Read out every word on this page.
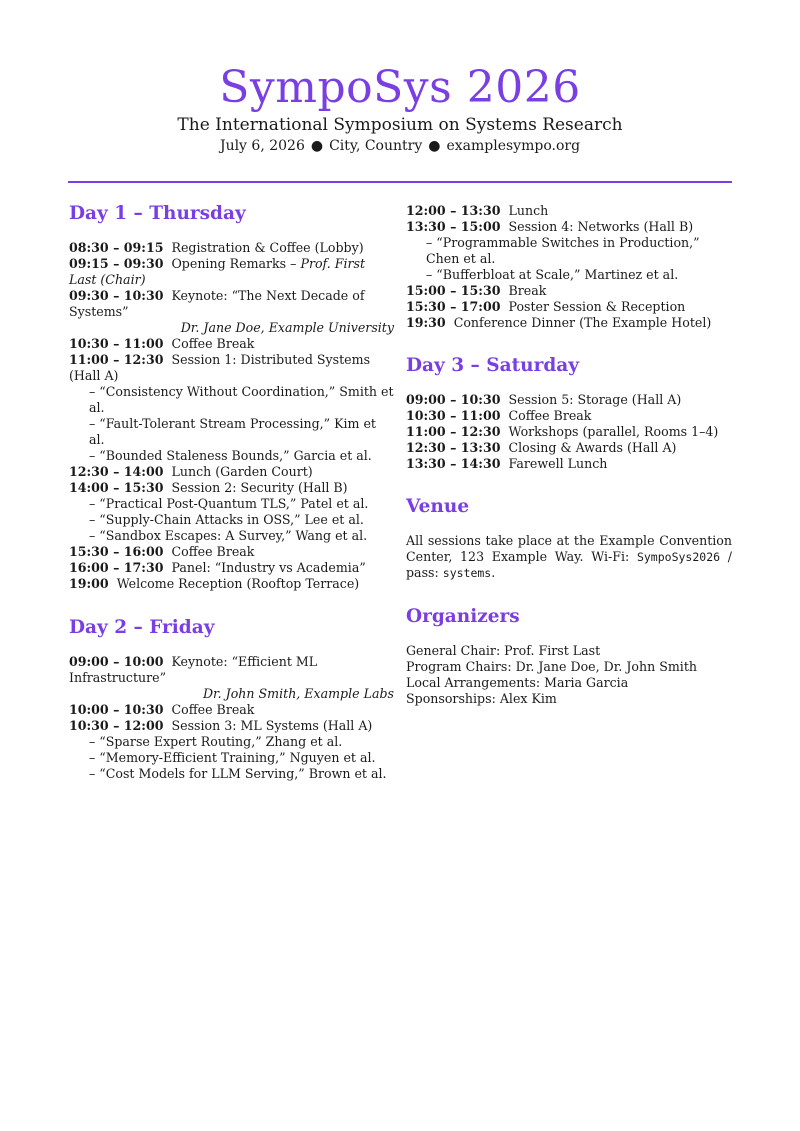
SympoSys 2026
The International Symposium on Systems Research
July 6, 2026 ● City, Country ● examplesympo.org
Day 1 – Thursday
08:30 – 09:15 Registration & Coffee (Lobby)
09:15 – 09:30 Opening Remarks – Prof. First Last (Chair)
09:30 – 10:30 Keynote: “The Next Decade of Systems”
Dr. Jane Doe, Example University
10:30 – 11:00 Coffee Break
11:00 – 12:30 Session 1: Distributed Systems (Hall A)
– “Consistency Without Coordination,” Smith et al.
– “Fault-Tolerant Stream Processing,” Kim et al.
– “Bounded Staleness Bounds,” Garcia et al.
12:30 – 14:00 Lunch (Garden Court)
14:00 – 15:30 Session 2: Security (Hall B)
– “Practical Post-Quantum TLS,” Patel et al.
– “Supply-Chain Attacks in OSS,” Lee et al.
– “Sandbox Escapes: A Survey,” Wang et al.
15:30 – 16:00 Coffee Break
16:00 – 17:30 Panel: “Industry vs Academia”
19:00 Welcome Reception (Rooftop Terrace)
Day 2 – Friday
09:00 – 10:00 Keynote: “Efficient ML Infrastructure”
Dr. John Smith, Example Labs
10:00 – 10:30 Coffee Break
10:30 – 12:00 Session 3: ML Systems (Hall A)
– “Sparse Expert Routing,” Zhang et al.
– “Memory-Efficient Training,” Nguyen et al.
– “Cost Models for LLM Serving,” Brown et al.
12:00 – 13:30 Lunch
13:30 – 15:00 Session 4: Networks (Hall B)
– “Programmable Switches in Production,” Chen et al.
– “Bufferbloat at Scale,” Martinez et al.
15:00 – 15:30 Break
15:30 – 17:00 Poster Session & Reception
19:30 Conference Dinner (The Example Hotel)
Day 3 – Saturday
09:00 – 10:30 Session 5: Storage (Hall A)
10:30 – 11:00 Coffee Break
11:00 – 12:30 Workshops (parallel, Rooms 1–4)
12:30 – 13:30 Closing & Awards (Hall A)
13:30 – 14:30 Farewell Lunch
Venue
All sessions take place at the Example Convention Center, 123 Example Way. Wi-Fi: SympoSys2026 / pass: systems.
Organizers
General Chair: Prof. First Last
Program Chairs: Dr. Jane Doe, Dr. John Smith
Local Arrangements: Maria Garcia
Sponsorships: Alex Kim
